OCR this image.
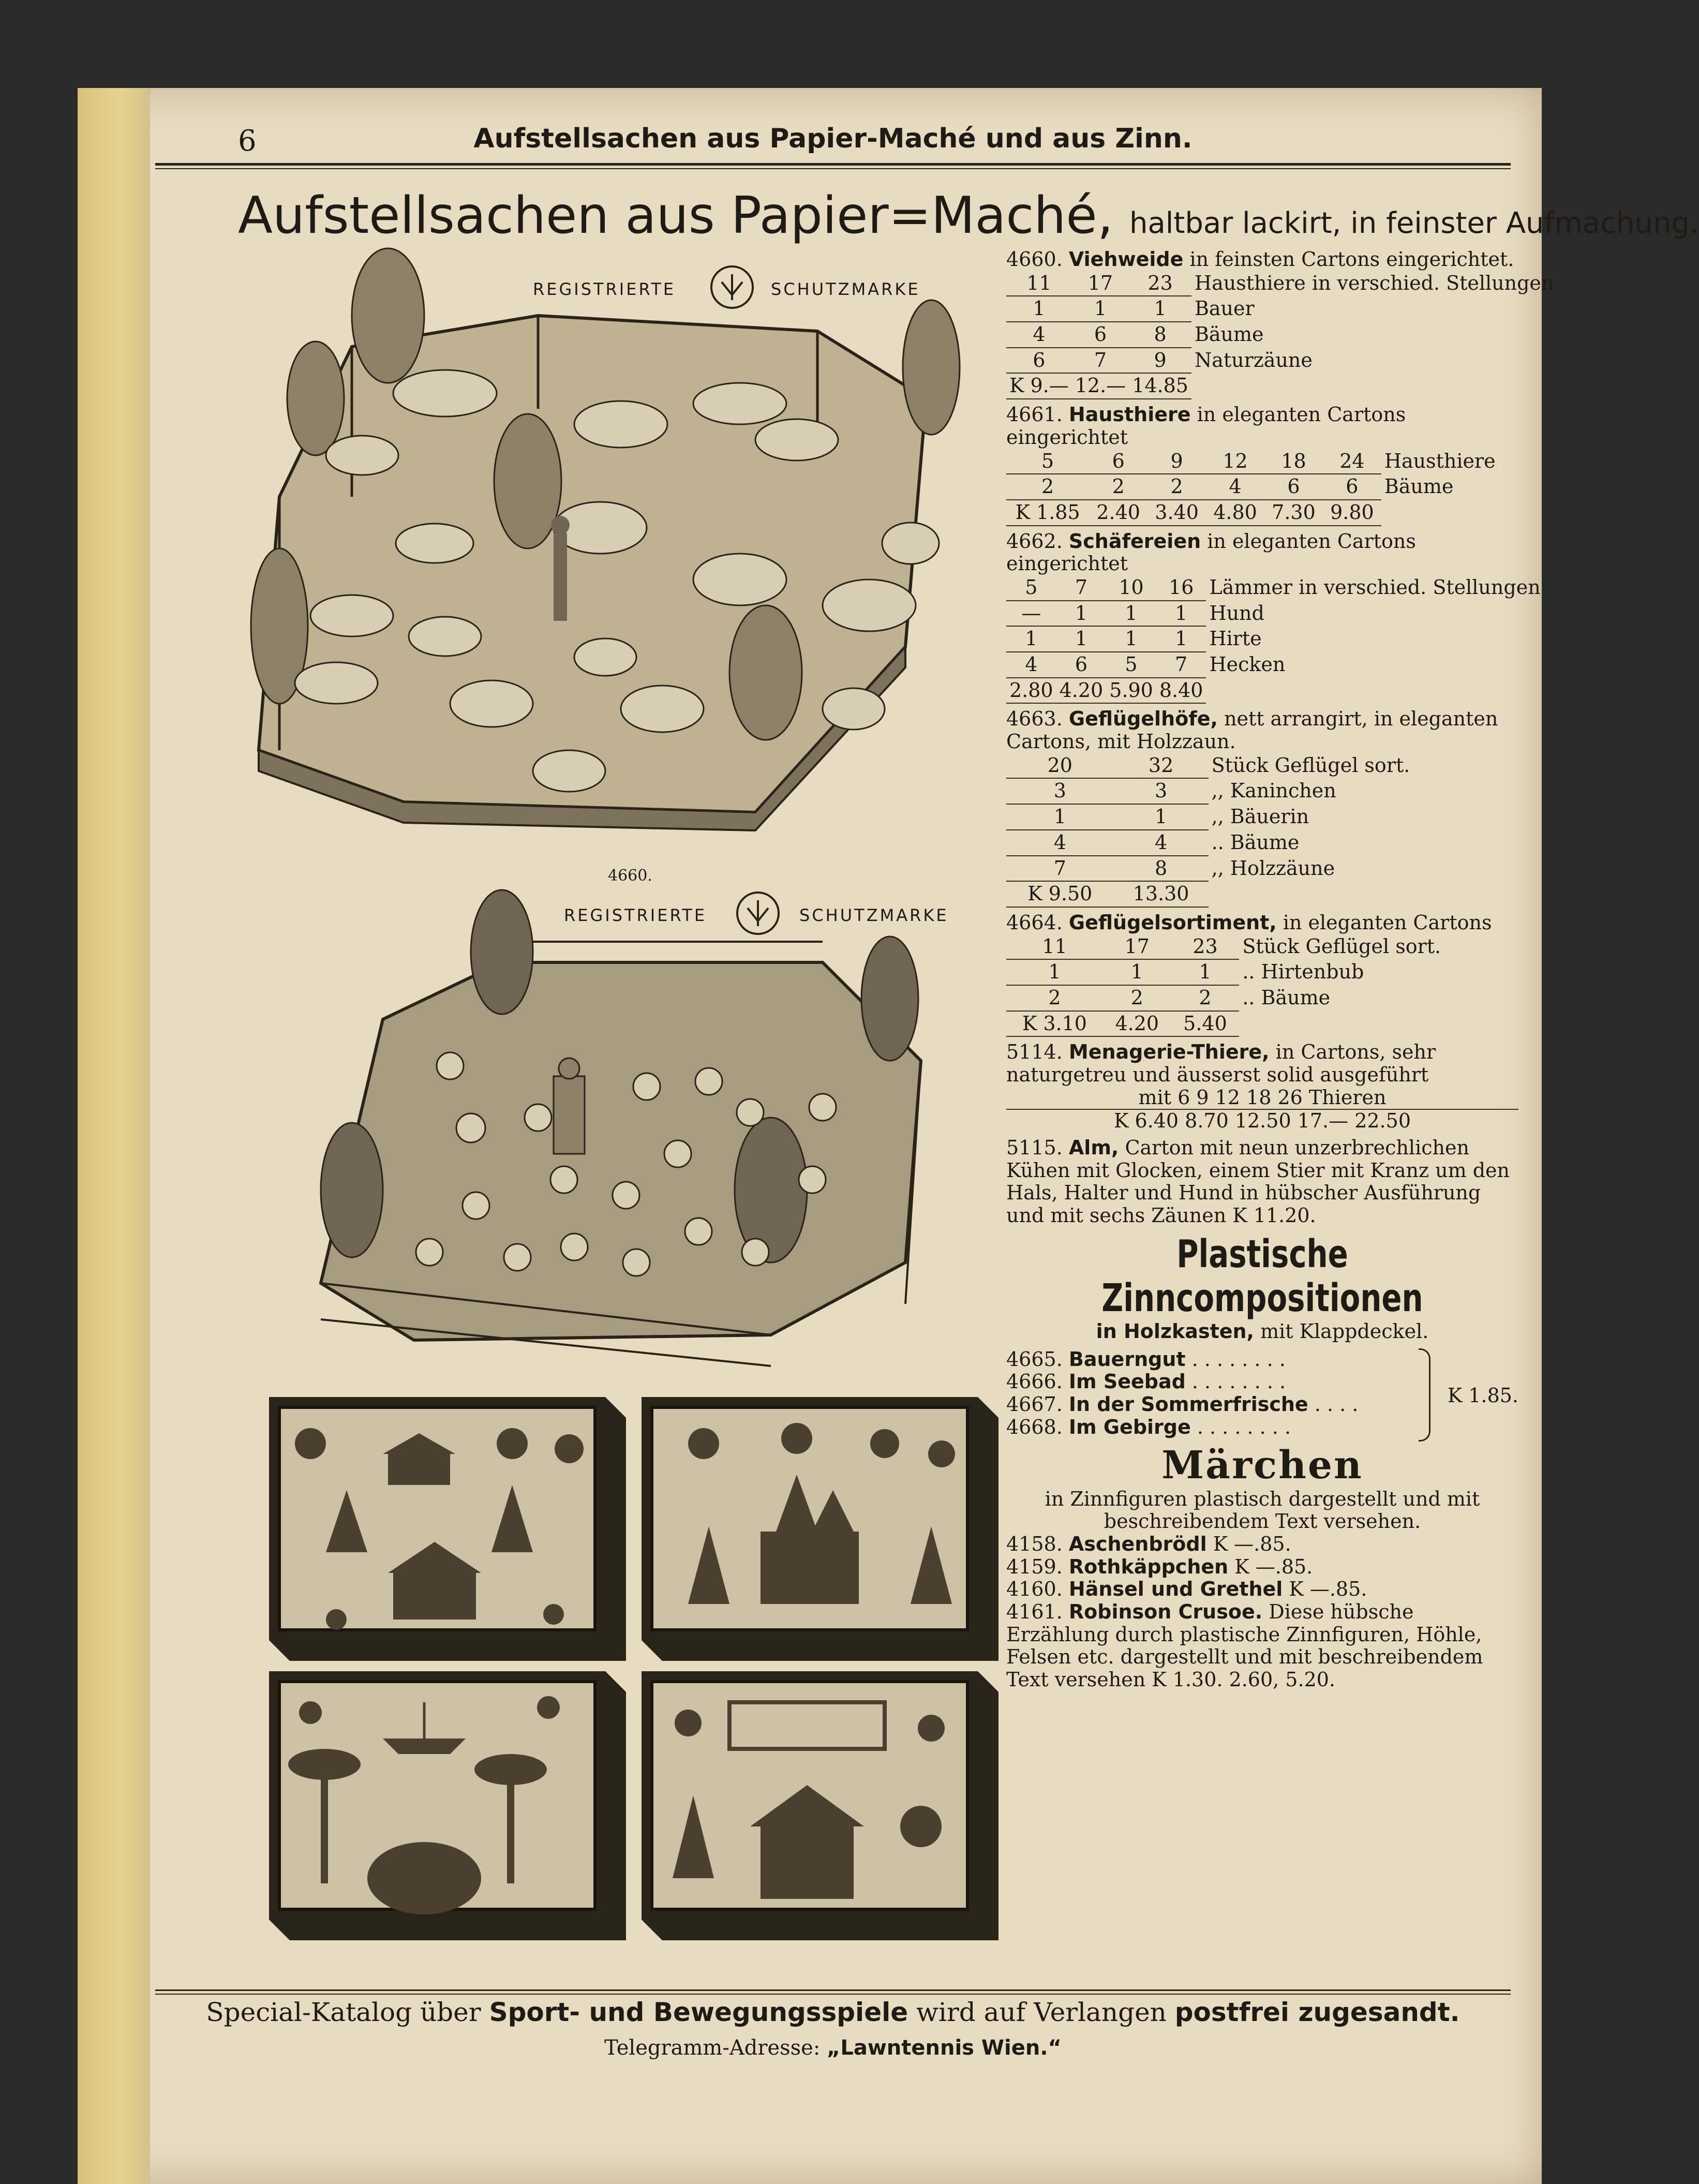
6	Aufstellsachen aus Papier-Maché und aus Zinn.
Aufstellsachen aus Papier=Maché, haltbar lackirt, in feinster Aufmachung.
REGISTRIERTE	SCHUTZMARKE
4660.
REGISTRIERTE	SCHUTZMARKE
G.S.N.
4660. Viehweide in feinsten Cartons eingerichtet.
11	17	23	Hausthiere in verschied. Stellungen
1	1	1	Bauer
4	6	8	Bäume
6	7	9	Naturzäune
K 9.—	12.—	14.85	
4661. Hausthiere in eleganten Cartons eingerichtet
5	6	9	12	18	24	Hausthiere
2	2	2	4	6	6	Bäume
K 1.85	2.40	3.40	4.80	7.30	9.80	
4662. Schäfereien in eleganten Cartons eingerichtet
5	7	10	16	Lämmer in verschied. Stellungen
—	1	1	1	Hund
1	1	1	1	Hirte
4	6	5	7	Hecken
2.80	4.20	5.90	8.40	
4663. Geflügelhöfe, nett arrangirt, in eleganten Cartons, mit Holzzaun.
20	32	Stück Geflügel sort.
3	3	,, Kaninchen
1	1	,, Bäuerin
4	4	.. Bäume
7	8	,, Holzzäune
K 9.50	13.30	
4664. Geflügelsortiment, in eleganten Cartons
11	17	23	Stück Geflügel sort.
1	1	1	.. Hirtenbub
2	2	2	.. Bäume
K 3.10	4.20	5.40	
5114. Menagerie-Thiere, in Cartons, sehr naturgetreu und äusserst solid ausgeführt
mit 6 9 12 18 26 Thieren
K 6.40 8.70 12.50 17.— 22.50
5115. Alm, Carton mit neun unzerbrechlichen Kühen mit Glocken, einem Stier mit Kranz um den Hals, Halter und Hund in hübscher Ausführung und mit sechs Zäunen K 11.20.
Plastische Zinncompositionen
in Holzkasten, mit Klappdeckel.
4665. Bauerngut . . . . . . . .
4666. Im Seebad . . . . . . . .
4667. In der Sommerfrische . . . .
4668. Im Gebirge . . . . . . . .
K 1.85.
Märchen
in Zinnfiguren plastisch dargestellt und mit beschreibendem Text versehen.
4158. Aschenbrödl K —.85.
4159. Rothkäppchen K —.85.
4160. Hänsel und Grethel K —.85.
4161. Robinson Crusoe. Diese hübsche Erzählung durch plastische Zinnfiguren, Höhle, Felsen etc. dargestellt und mit beschreibendem Text versehen K 1.30. 2.60, 5.20.
Special-Katalog über Sport- und Bewegungsspiele wird auf Verlangen postfrei zugesandt.
Telegramm-Adresse: „Lawntennis Wien.“
